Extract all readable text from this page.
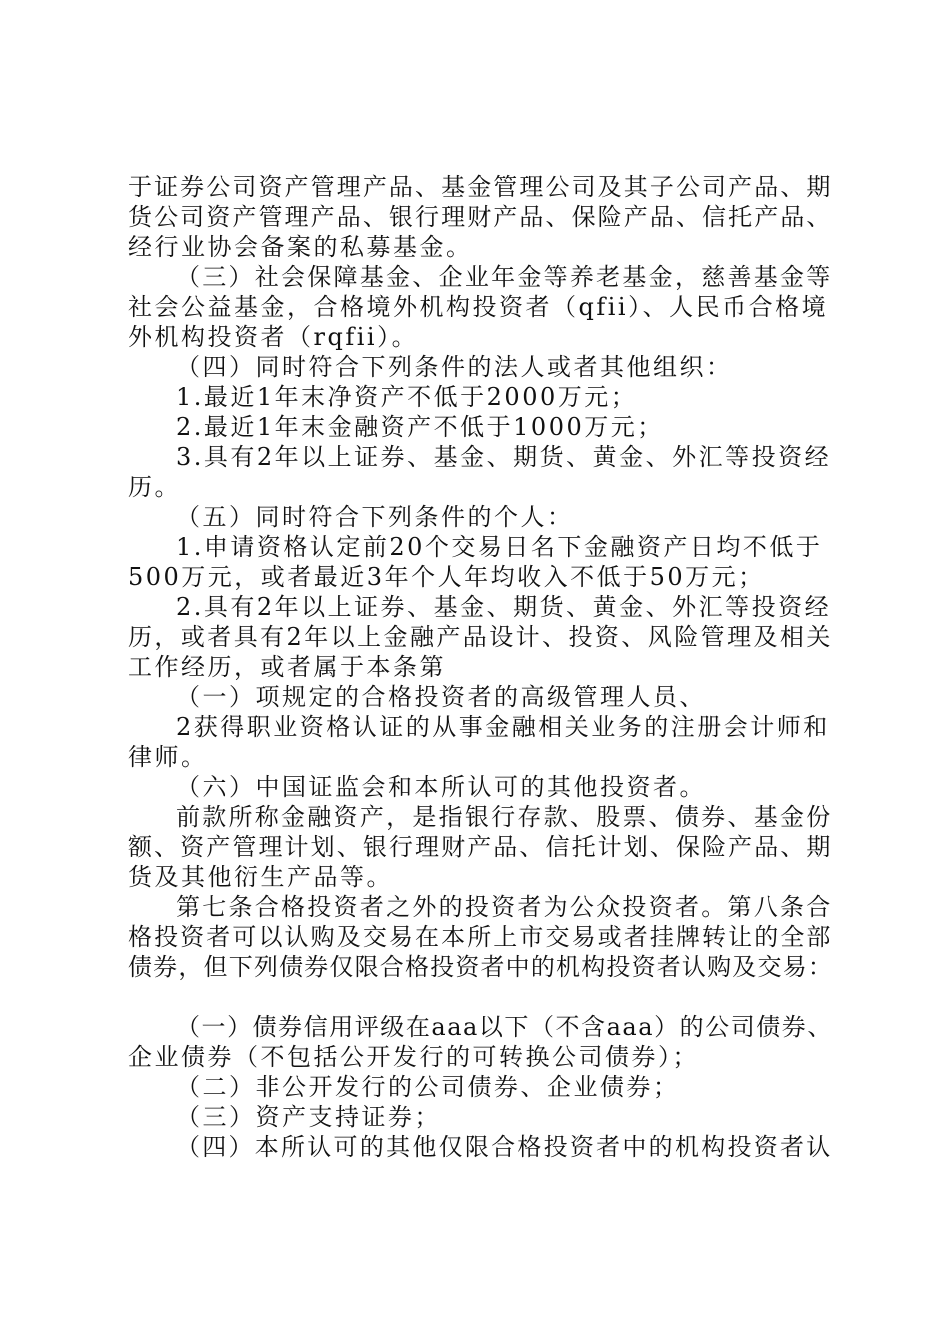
于证券公司资产管理产品、基金管理公司及其子公司产品、期
货公司资产管理产品、银行理财产品、保险产品、信托产品、
经行业协会备案的私募基金。
（三）社会保障基金、企业年金等养老基金，慈善基金等
社会公益基金，合格境外机构投资者（qfii）、人民币合格境
外机构投资者（rqfii）。
（四）同时符合下列条件的法人或者其他组织：
1.最近1年末净资产不低于2000万元；
2.最近1年末金融资产不低于1000万元；
3.具有2年以上证券、基金、期货、黄金、外汇等投资经
历。
（五）同时符合下列条件的个人：
1.申请资格认定前20个交易日名下金融资产日均不低于
500万元，或者最近3年个人年均收入不低于50万元；
2.具有2年以上证券、基金、期货、黄金、外汇等投资经
历，或者具有2年以上金融产品设计、投资、风险管理及相关
工作经历，或者属于本条第
（一）项规定的合格投资者的高级管理人员、
2获得职业资格认证的从事金融相关业务的注册会计师和
律师。
（六）中国证监会和本所认可的其他投资者。
前款所称金融资产，是指银行存款、股票、债券、基金份
额、资产管理计划、银行理财产品、信托计划、保险产品、期
货及其他衍生产品等。
第七条合格投资者之外的投资者为公众投资者。第八条合
格投资者可以认购及交易在本所上市交易或者挂牌转让的全部
债券，但下列债券仅限合格投资者中的机构投资者认购及交易：
（一）债券信用评级在aaa以下（不含aaa）的公司债券、
企业债券（不包括公开发行的可转换公司债券）；
（二）非公开发行的公司债券、企业债券；
（三）资产支持证券；
（四）本所认可的其他仅限合格投资者中的机构投资者认
